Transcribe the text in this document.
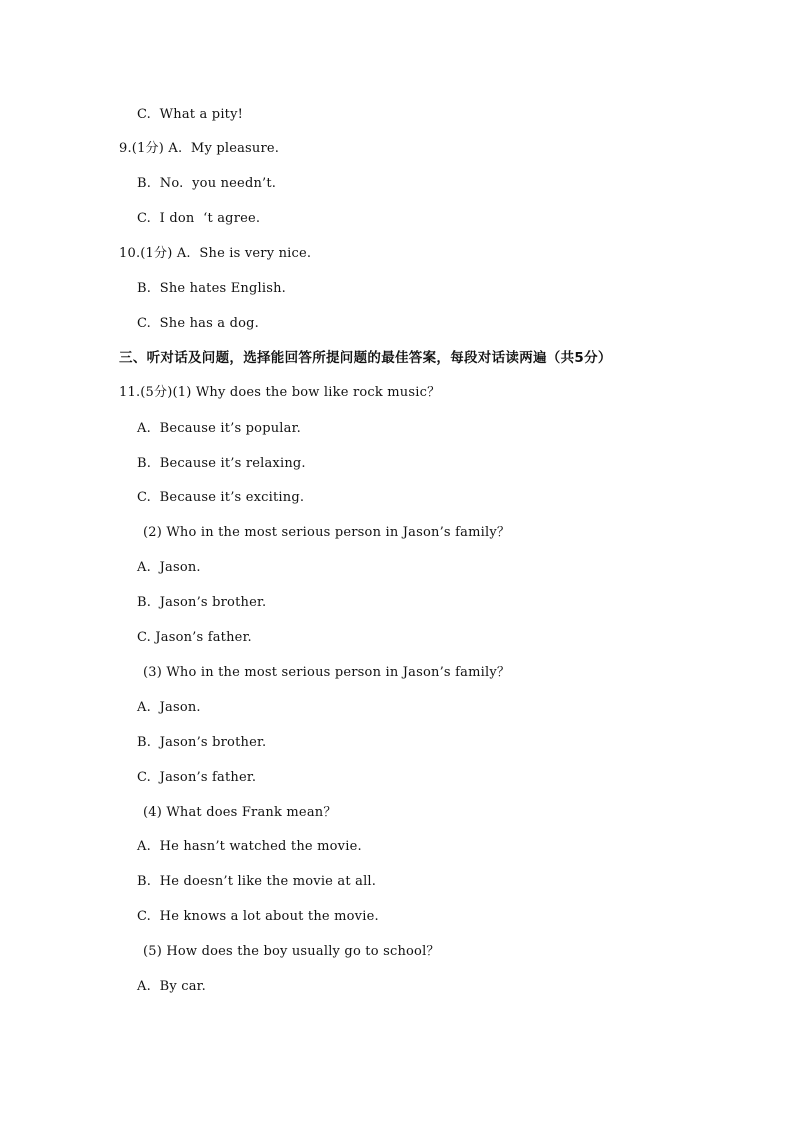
C.  What a pity!
9.(1分) A.  My pleasure.
B.  No.  you needn’t.
C.  I don  ‘t agree.
10.(1分) A.  She is very nice.
B.  She hates English.
C.  She has a dog.
三、听对话及问题，选择能回答所提问题的最佳答案，每段对话读两遍（共5分）
11.(5分)(1) Why does the bow like rock music？
A.  Because it’s popular.
B.  Because it’s relaxing.
C.  Because it’s exciting.
(2) Who in the most serious person in Jason’s family？
A.  Jason.
B.  Jason’s brother.
C. Jason’s father.
(3) Who in the most serious person in Jason’s family？
A.  Jason.
B.  Jason’s brother.
C.  Jason’s father.
(4) What does Frank mean？
A.  He hasn’t watched the movie.
B.  He doesn’t like the movie at all.
C.  He knows a lot about the movie.
(5) How does the boy usually go to school？
A.  By car.
